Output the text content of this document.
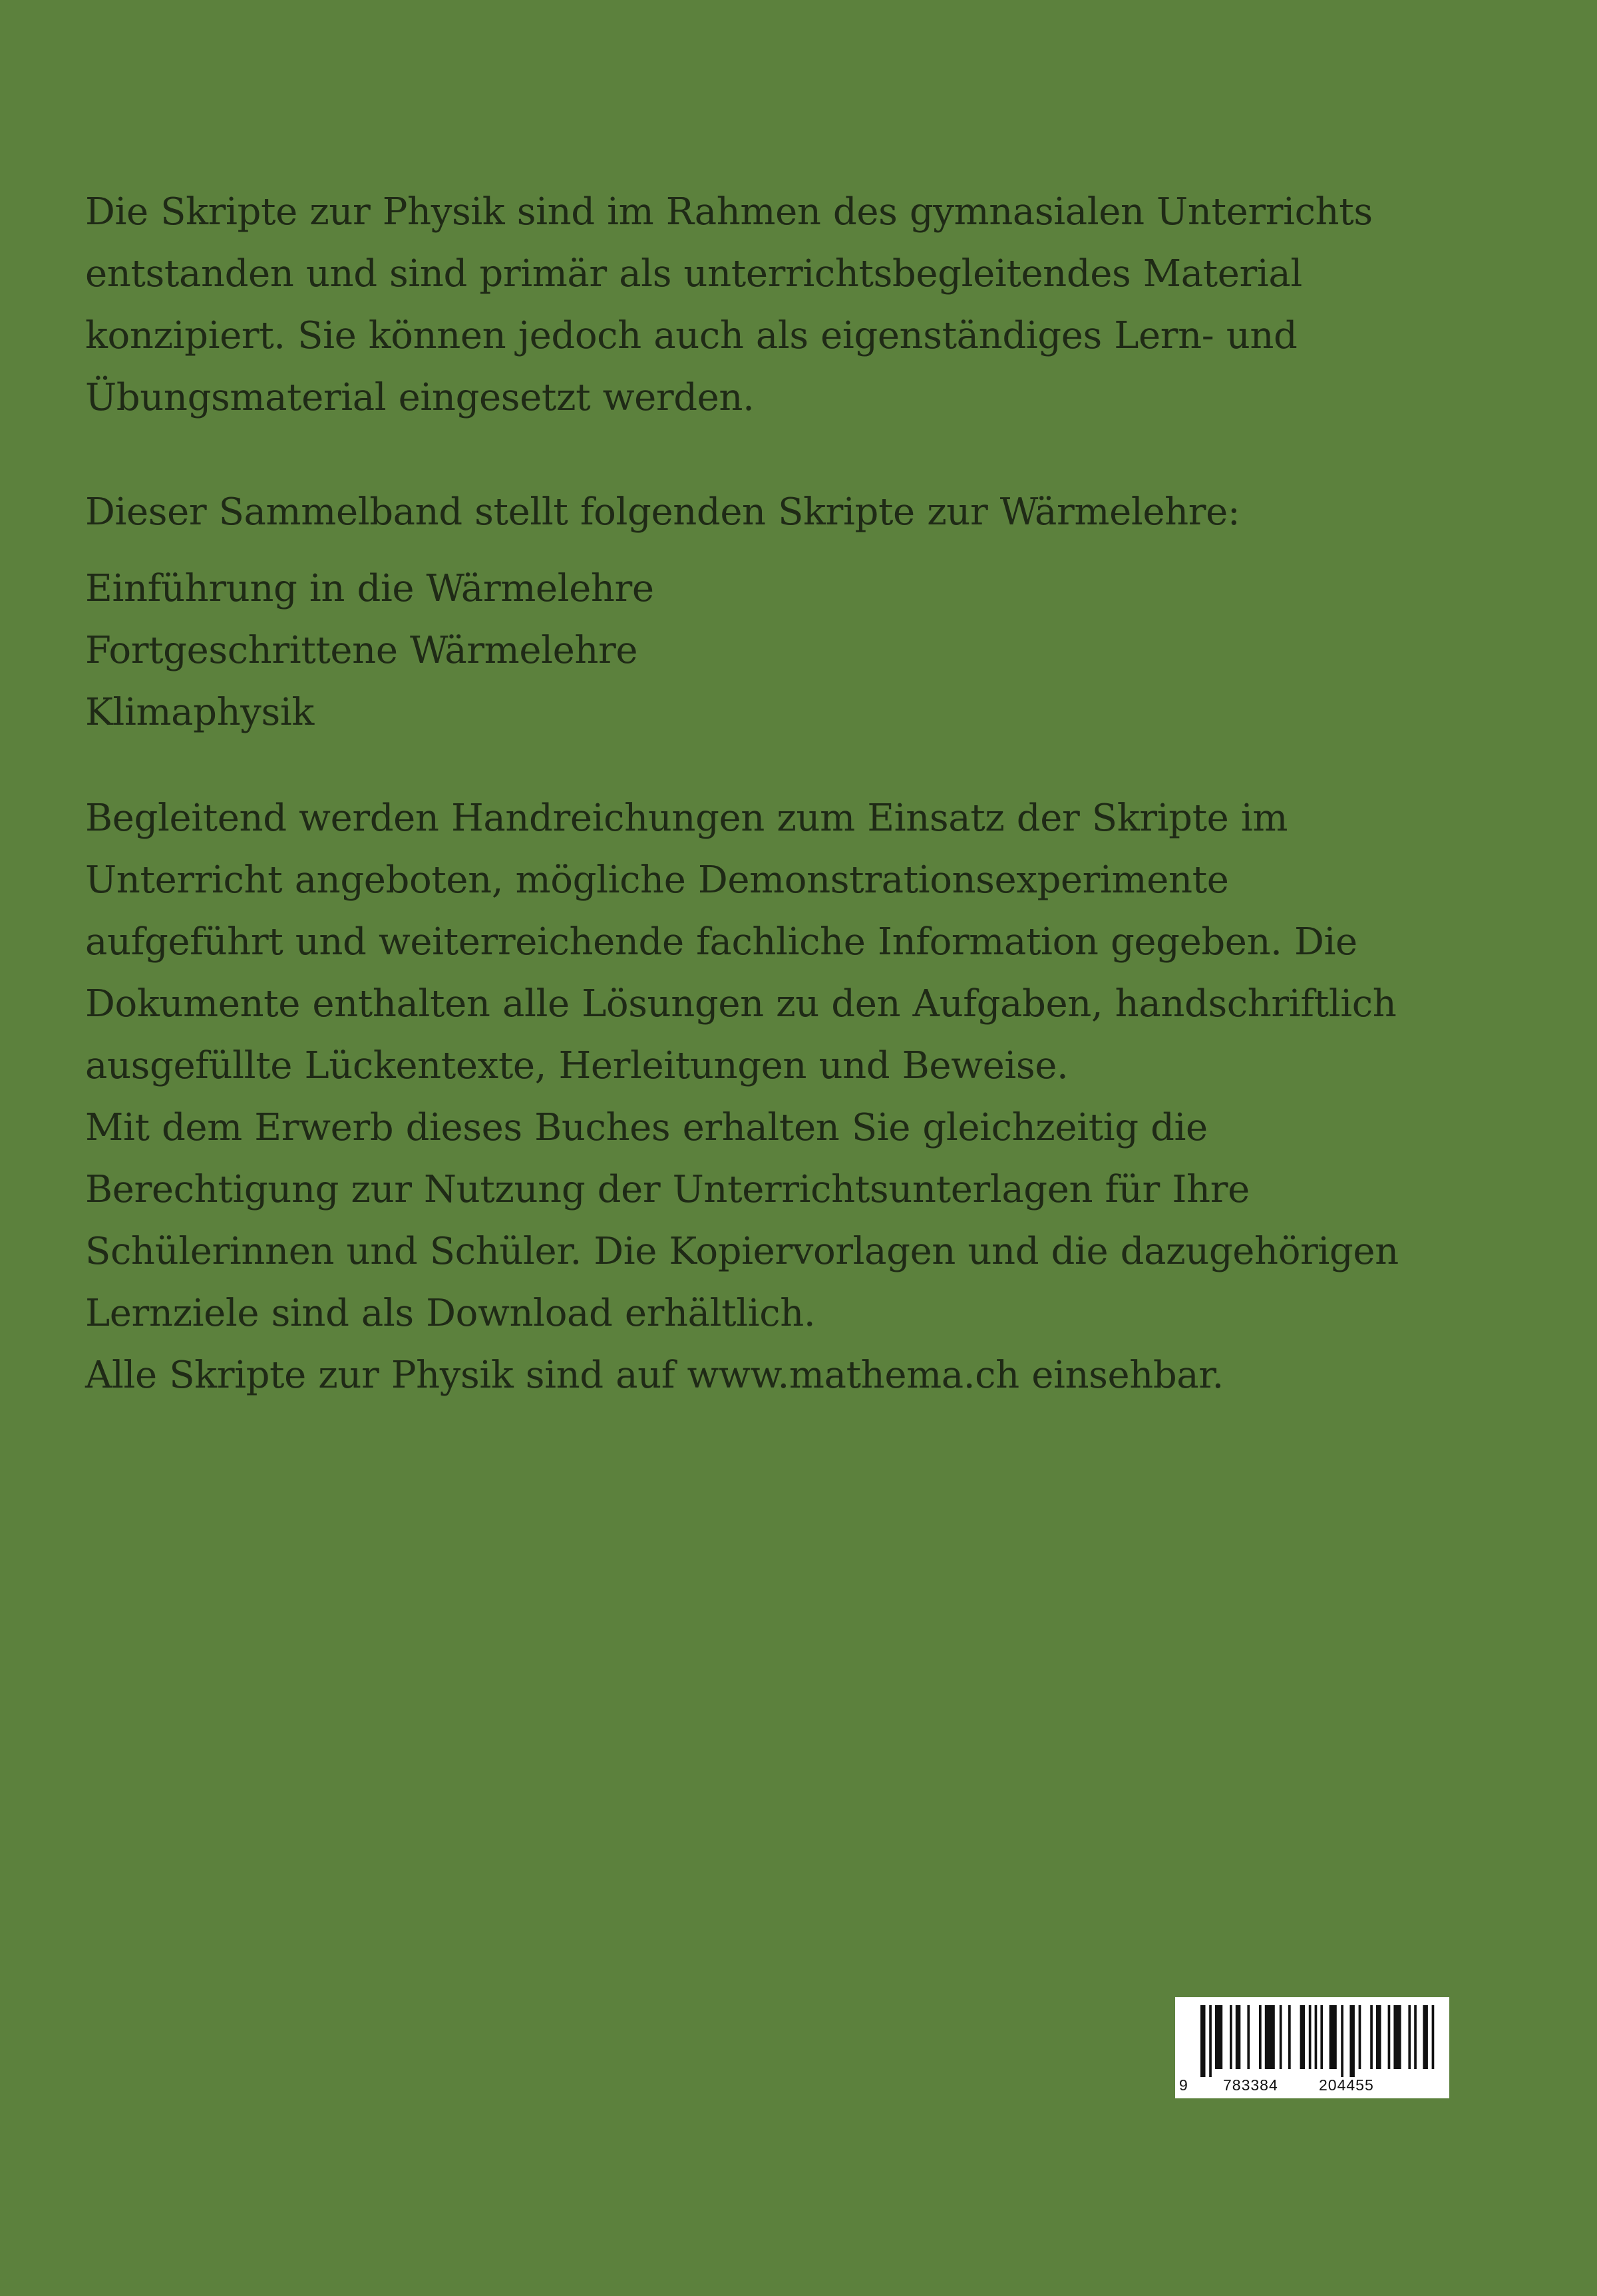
Die Skripte zur Physik sind im Rahmen des gymnasialen Unterrichts
entstanden und sind primär als unterrichtsbegleitendes Material
konzipiert. Sie können jedoch auch als eigenständiges Lern- und
Übungsmaterial eingesetzt werden.

Dieser Sammelband stellt folgenden Skripte zur Wärmelehre:

Einführung in die Wärmelehre
Fortgeschrittene Wärmelehre
Klimaphysik

Begleitend werden Handreichungen zum Einsatz der Skripte im
Unterricht angeboten, mögliche Demonstrationsexperimente
aufgeführt und weiterreichende fachliche Information gegeben. Die
Dokumente enthalten alle Lösungen zu den Aufgaben, handschriftlich
ausgefüllte Lückentexte, Herleitungen und Beweise.
Mit dem Erwerb dieses Buches erhalten Sie gleichzeitig die
Berechtigung zur Nutzung der Unterrichtsunterlagen für Ihre
Schülerinnen und Schüler. Die Kopiervorlagen und die dazugehörigen
Lernziele sind als Download erhältlich.
Alle Skripte zur Physik sind auf www.mathema.ch einsehbar.

9 783384	204455
